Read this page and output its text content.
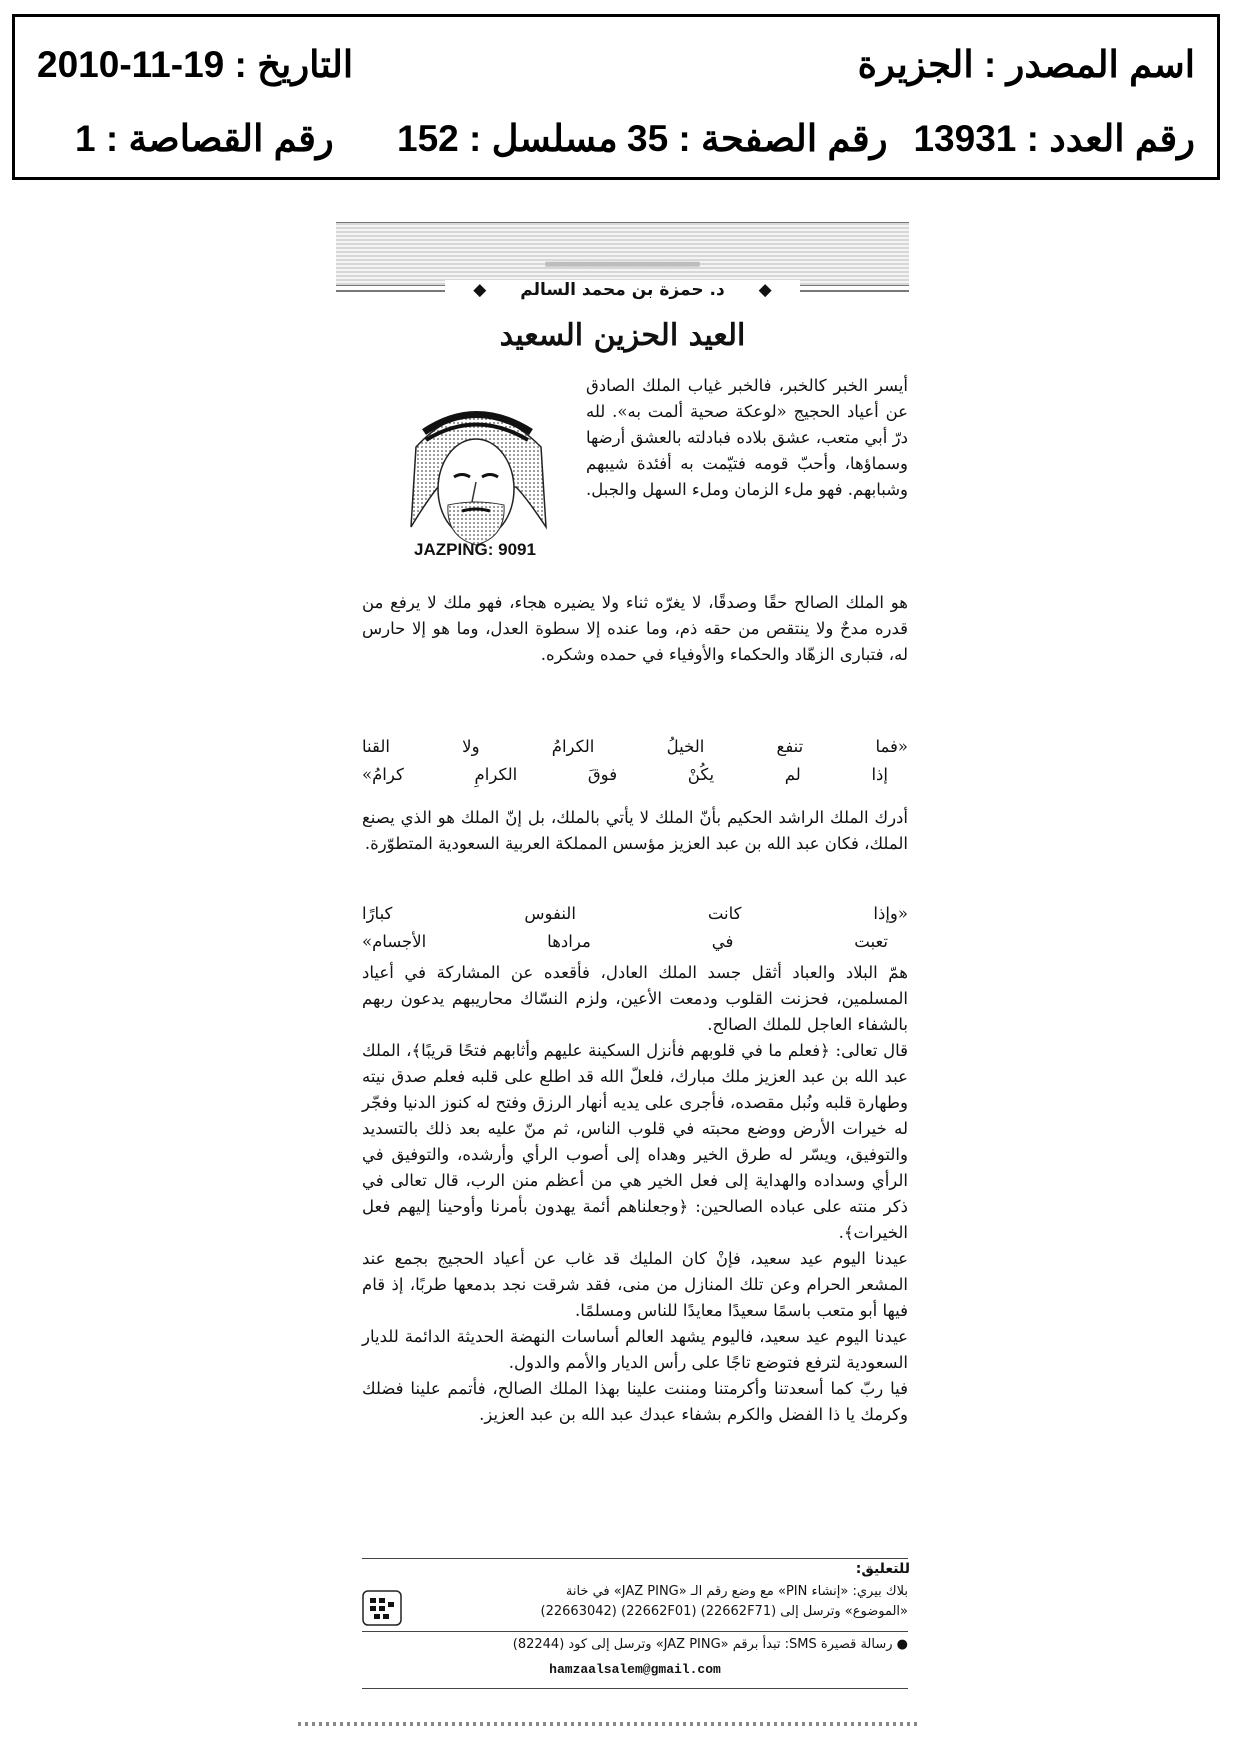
اسم المصدر : الجزيرة
التاريخ : 19-11-2010
رقم العدد : 13931
رقم الصفحة : 35
مسلسل : 152
رقم القصاصة : 1
ـــــــــــــ
◆ د. حمزة بن محمد السالم ◆
العيد الحزين السعيد
JAZPING: 9091
أيسر الخبر كالخبر، فالخبر غياب الملك الصادق عن أعياد الحجيج «لوعكة صحية ألمت به». لله درّ أبي متعب، عشق بلاده فبادلته بالعشق أرضها وسماؤها، وأحبّ قومه فتيّمت به أفئدة شيبهم وشبابهم. فهو ملء الزمان وملء السهل والجبل.
هو الملك الصالح حقًا وصدقًا، لا يغرّه ثناء ولا يضيره هجاء، فهو ملك لا يرفع من قدره مدحٌ ولا ينتقص من حقه ذم، وما عنده إلا سطوة العدل، وما هو إلا حارس له، فتبارى الزهّاد والحكماء والأوفياء في حمده وشكره.
«فما تنفع الخيلُ الكرامُ ولا القنا
إذا لم يكُنْ فوقَ الكرامِ كرامُ»
أدرك الملك الراشد الحكيم بأنّ الملك لا يأتي بالملك، بل إنّ الملك هو الذي يصنع الملك، فكان عبد الله بن عبد العزيز مؤسس المملكة العربية السعودية المتطوّرة.
«وإذا كانت النفوس كبارًا
تعبت في مرادها الأجسام»

همّ البلاد والعباد أثقل جسد الملك العادل، فأقعده عن المشاركة في أعياد المسلمين، فحزنت القلوب ودمعت الأعين، ولزم النسّاك محاريبهم يدعون ربهم بالشفاء العاجل للملك الصالح.

قال تعالى: ﴿فعلم ما في قلوبهم فأنزل السكينة عليهم وأثابهم فتحًا قريبًا﴾، الملك عبد الله بن عبد العزيز ملك مبارك، فلعلّ الله قد اطلع على قلبه فعلم صدق نيته وطهارة قلبه ونُبل مقصده، فأجرى على يديه أنهار الرزق وفتح له كنوز الدنيا وفجّر له خيرات الأرض ووضع محبته في قلوب الناس، ثم منّ عليه بعد ذلك بالتسديد والتوفيق، ويسّر له طرق الخير وهداه إلى أصوب الرأي وأرشده، والتوفيق في الرأي وسداده والهداية إلى فعل الخير هي من أعظم منن الرب، قال تعالى في ذكر منته على عباده الصالحين: ﴿وجعلناهم أئمة يهدون بأمرنا وأوحينا إليهم فعل الخيرات﴾.

عيدنا اليوم عيد سعيد، فإنْ كان المليك قد غاب عن أعياد الحجيج بجمع عند المشعر الحرام وعن تلك المنازل من منى، فقد شرقت نجد بدمعها طربًا، إذ قام فيها أبو متعب باسمًا سعيدًا معايدًا للناس ومسلمًا.

عيدنا اليوم عيد سعيد، فاليوم يشهد العالم أساسات النهضة الحديثة الدائمة للديار السعودية لترفع فتوضع تاجًا على رأس الديار والأمم والدول.

فيا ربّ كما أسعدتنا وأكرمتنا ومننت علينا بهذا الملك الصالح، فأتمم علينا فضلك وكرمك يا ذا الفضل والكرم بشفاء عبدك عبد الله بن عبد العزيز.

للتعليق:
بلاك بيري: «إنشاء PIN» مع وضع رقم الـ «JAZ PING» في خانة
«الموضوع» وترسل إلى (22662F71) (22662F01) (22663042)
● رسالة قصيرة SMS: تبدأ برقم «JAZ PING» وترسل إلى كود (82244)
hamzaalsalem@gmail.com
